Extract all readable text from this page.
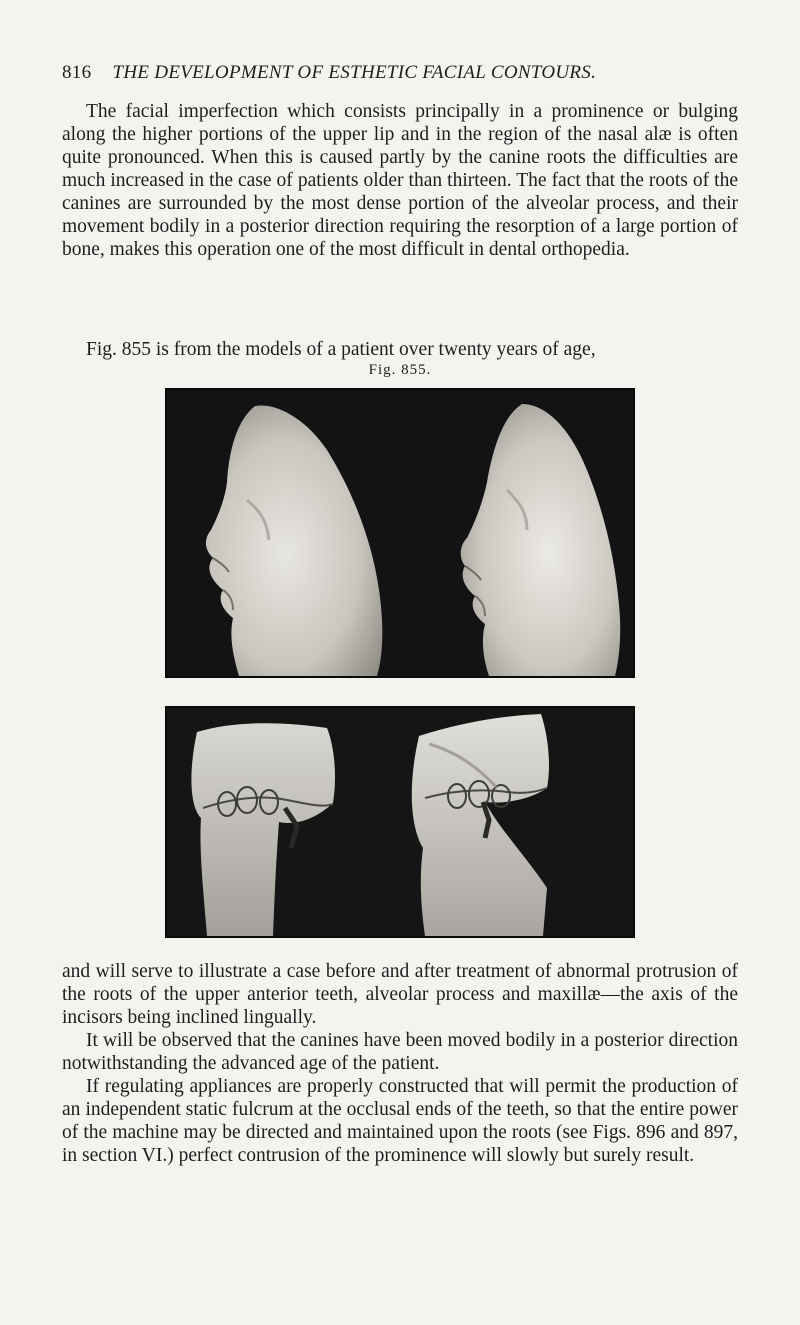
816 THE DEVELOPMENT OF ESTHETIC FACIAL CONTOURS.

The facial imperfection which consists principally in a prominence or bulging along the higher portions of the upper lip and in the region of the nasal alæ is often quite pronounced. When this is caused partly by the canine roots the difficulties are much increased in the case of patients older than thirteen. The fact that the roots of the canines are surrounded by the most dense portion of the alveolar process, and their movement bodily in a posterior direction requiring the resorption of a large portion of bone, makes this operation one of the most difficult in dental orthopedia.

Fig. 855 is from the models of a patient over twenty years of age,

Fig. 855.

and will serve to illustrate a case before and after treatment of abnormal protrusion of the roots of the upper anterior teeth, alveolar process and maxillæ—the axis of the incisors being inclined lingually.

It will be observed that the canines have been moved bodily in a posterior direction notwithstanding the advanced age of the patient.

If regulating appliances are properly constructed that will permit the production of an independent static fulcrum at the occlusal ends of the teeth, so that the entire power of the machine may be directed and maintained upon the roots (see Figs. 896 and 897, in section VI.) perfect contrusion of the prominence will slowly but surely result.
